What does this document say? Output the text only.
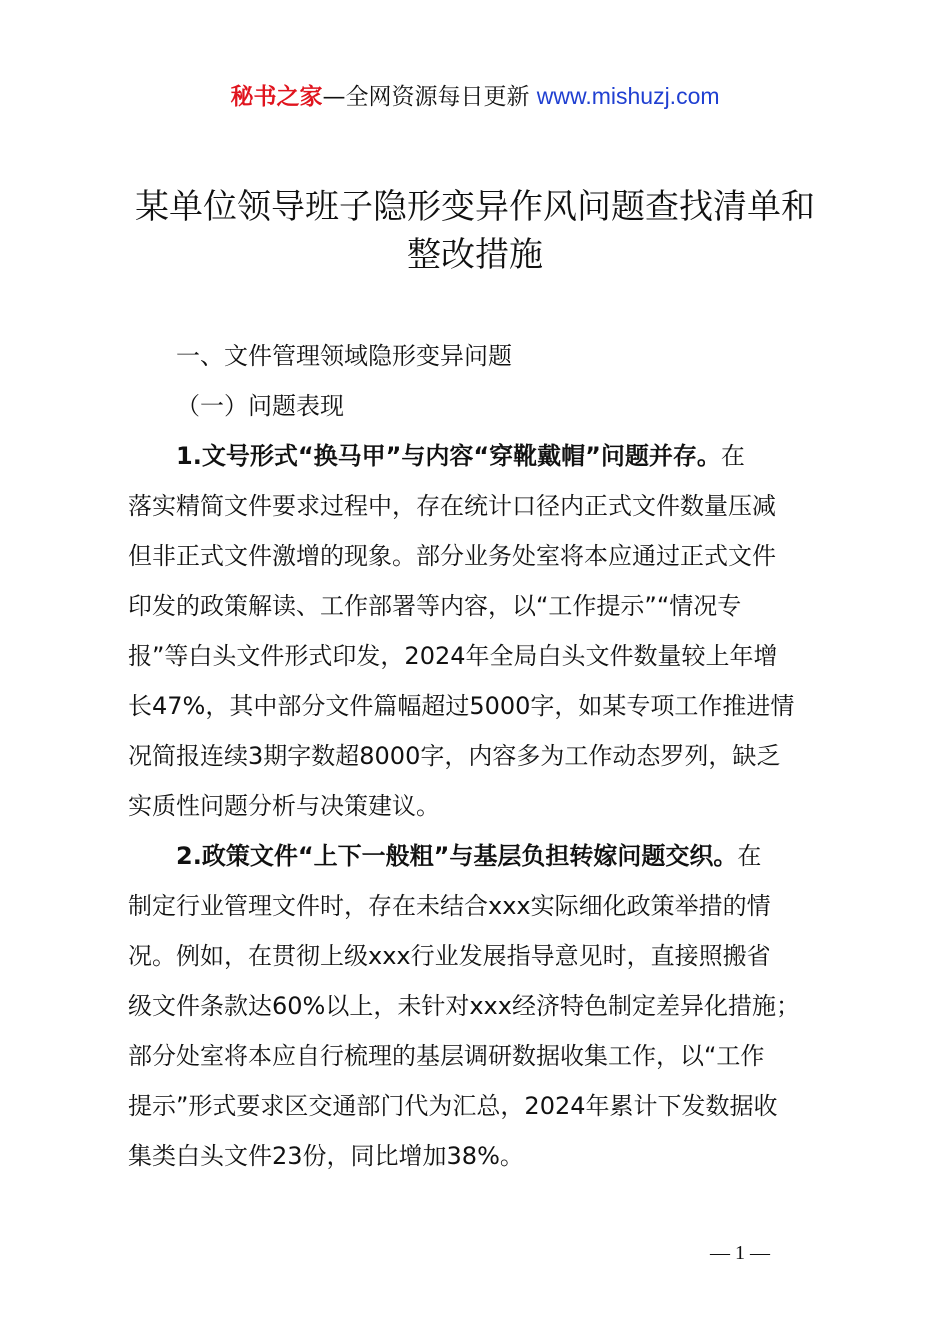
秘书之家—全网资源每日更新 www.mishuzj.com
某单位领导班子隐形变异作风问题查找清单和
整改措施
一、文件管理领域隐形变异问题
（一）问题表现
1.文号形式“换马甲”与内容“穿靴戴帽”问题并存。在
落实精简文件要求过程中，存在统计口径内正式文件数量压减
但非正式文件激增的现象。部分业务处室将本应通过正式文件
印发的政策解读、工作部署等内容，以“工作提示”“情况专
报”等白头文件形式印发，2024年全局白头文件数量较上年增
长47%，其中部分文件篇幅超过5000字，如某专项工作推进情
况简报连续3期字数超8000字，内容多为工作动态罗列，缺乏
实质性问题分析与决策建议。
2.政策文件“上下一般粗”与基层负担转嫁问题交织。在
制定行业管理文件时，存在未结合xxx实际细化政策举措的情
况。例如，在贯彻上级xxx行业发展指导意见时，直接照搬省
级文件条款达60%以上，未针对xxx经济特色制定差异化措施；
部分处室将本应自行梳理的基层调研数据收集工作，以“工作
提示”形式要求区交通部门代为汇总，2024年累计下发数据收
集类白头文件23份，同比增加38%。
— 1 —
